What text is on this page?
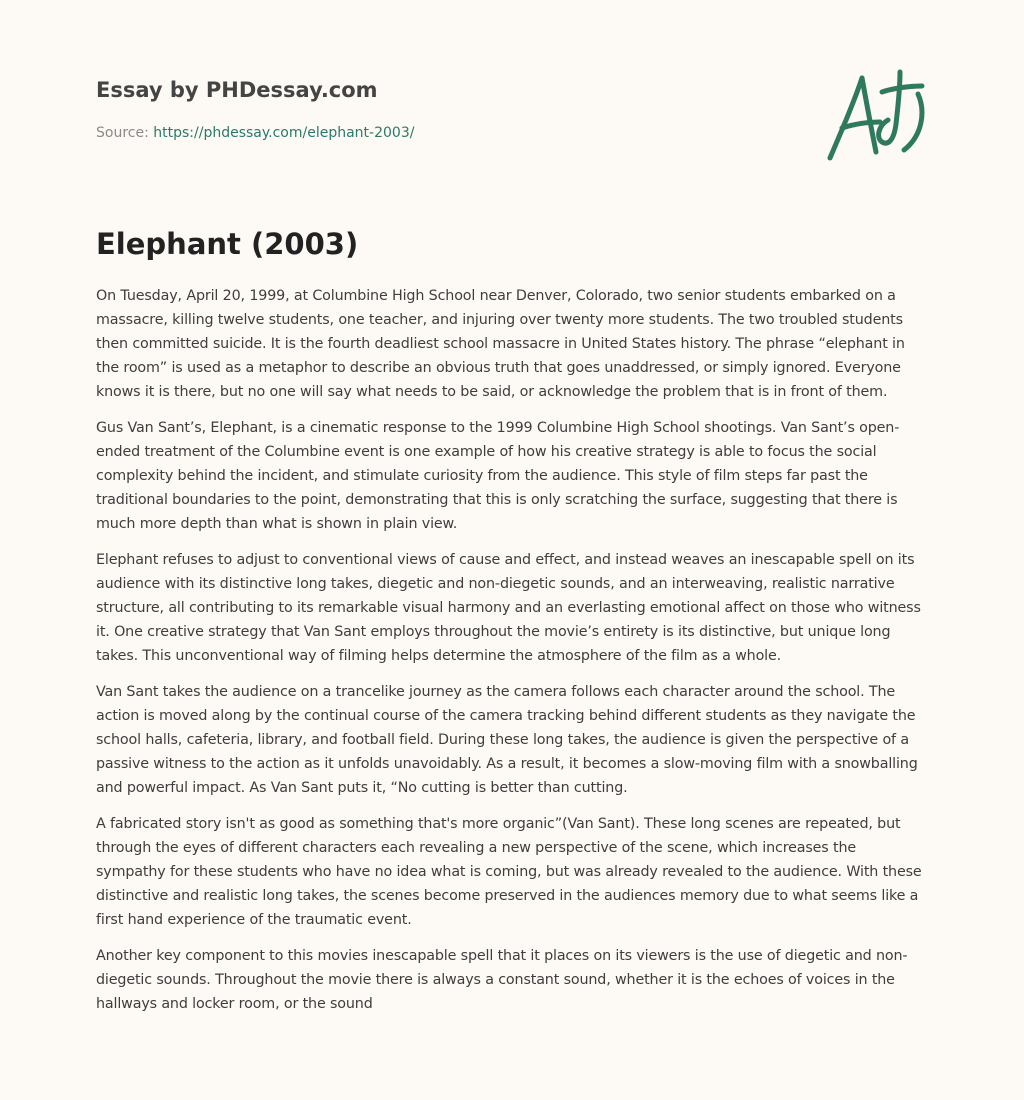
Essay by PHDessay.com
Source: https://phdessay.com/elephant-2003/
Elephant (2003)

On Tuesday, April 20, 1999, at Columbine High School near Denver, Colorado, two senior students embarked on a massacre, killing twelve students, one teacher, and injuring over twenty more students. The two troubled students then committed suicide. It is the fourth deadliest school massacre in United States history. The phrase “elephant in the room” is used as a metaphor to describe an obvious truth that goes unaddressed, or simply ignored. Everyone knows it is there, but no one will say what needs to be said, or acknowledge the problem that is in front of them.

Gus Van Sant’s, Elephant, is a cinematic response to the 1999 Columbine High School shootings. Van Sant’s open-ended treatment of the Columbine event is one example of how his creative strategy is able to focus the social complexity behind the incident, and stimulate curiosity from the audience. This style of film steps far past the traditional boundaries to the point, demonstrating that this is only scratching the surface, suggesting that there is much more depth than what is shown in plain view.

Elephant refuses to adjust to conventional views of cause and effect, and instead weaves an inescapable spell on its audience with its distinctive long takes, diegetic and non-diegetic sounds, and an interweaving, realistic narrative structure, all contributing to its remarkable visual harmony and an everlasting emotional affect on those who witness it. One creative strategy that Van Sant employs throughout the movie’s entirety is its distinctive, but unique long takes. This unconventional way of filming helps determine the atmosphere of the film as a whole.

Van Sant takes the audience on a trancelike journey as the camera follows each character around the school. The action is moved along by the continual course of the camera tracking behind different students as they navigate the school halls, cafeteria, library, and football field. During these long takes, the audience is given the perspective of a passive witness to the action as it unfolds unavoidably. As a result, it becomes a slow-moving film with a snowballing and powerful impact. As Van Sant puts it, “No cutting is better than cutting.

A fabricated story isn't as good as something that's more organic”(Van Sant). These long scenes are repeated, but through the eyes of different characters each revealing a new perspective of the scene, which increases the sympathy for these students who have no idea what is coming, but was already revealed to the audience. With these distinctive and realistic long takes, the scenes become preserved in the audiences memory due to what seems like a first hand experience of the traumatic event.

Another key component to this movies inescapable spell that it places on its viewers is the use of diegetic and non-diegetic sounds. Throughout the movie there is always a constant sound, whether it is the echoes of voices in the hallways and locker room, or the sound
